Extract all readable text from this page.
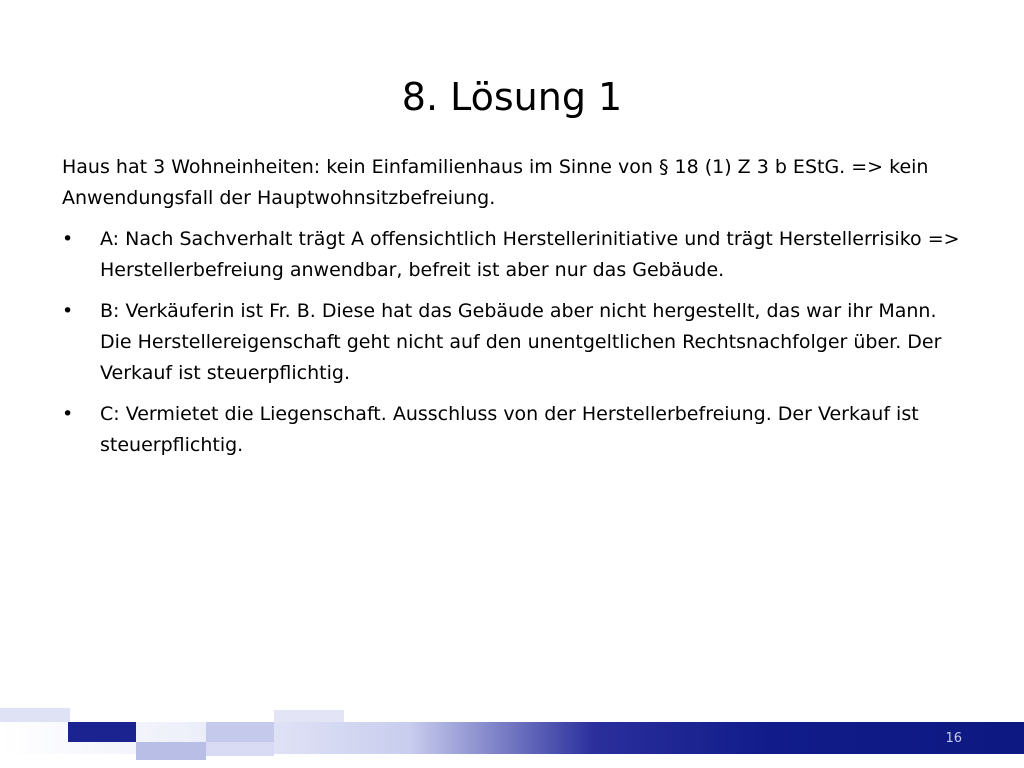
8. Lösung 1

Haus hat 3 Wohneinheiten: kein Einfamilienhaus im Sinne von § 18 (1) Z 3 b EStG. => kein Anwendungsfall der Hauptwohnsitzbefreiung.

•	A: Nach Sachverhalt trägt A offensichtlich Herstellerinitiative und trägt Herstellerrisiko => Herstellerbefreiung anwendbar, befreit ist aber nur das Gebäude.
•	B: Verkäuferin ist Fr. B. Diese hat das Gebäude aber nicht hergestellt, das war ihr Mann. Die Herstellereigenschaft geht nicht auf den unentgeltlichen Rechtsnachfolger über. Der Verkauf ist steuerpflichtig.
•	C: Vermietet die Liegenschaft. Ausschluss von der Herstellerbefreiung. Der Verkauf ist steuerpflichtig.
16
